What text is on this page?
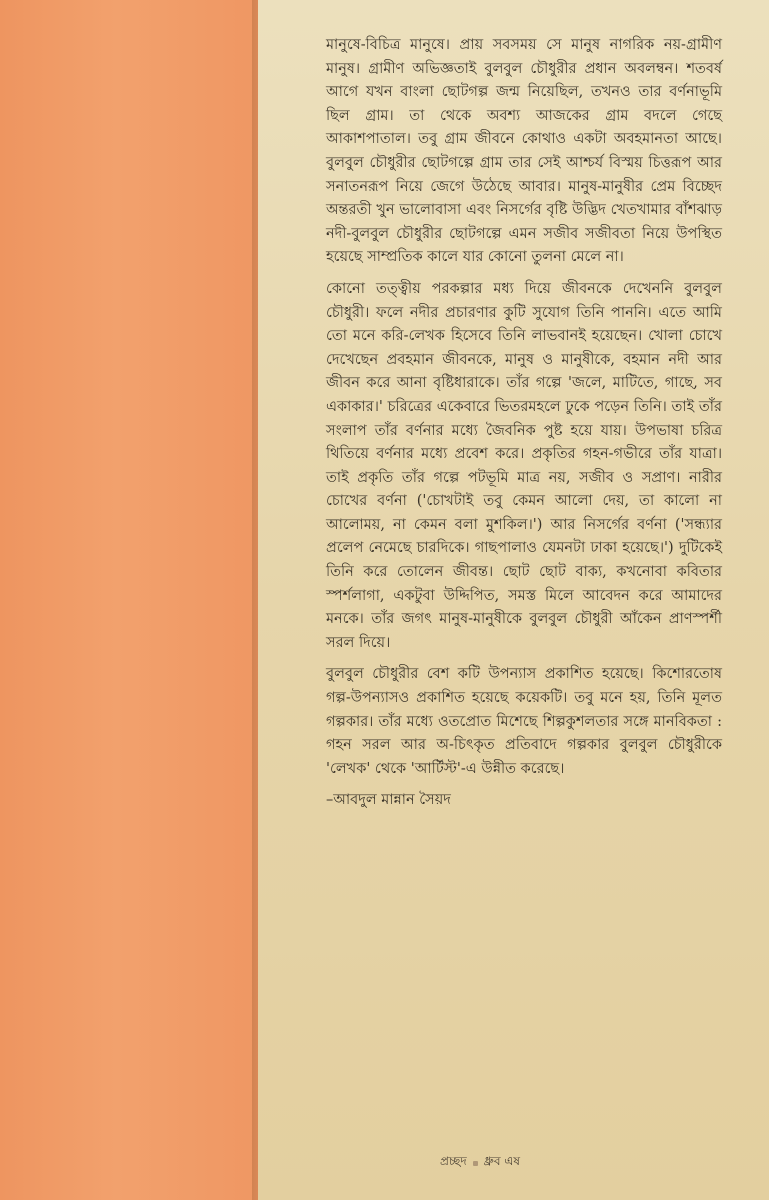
মানুষে-বিচিত্র মানুষে। প্রায় সবসময় সে মানুষ নাগরিক নয়-গ্রামীণ মানুষ। গ্রামীণ অভিজ্ঞতাই বুলবুল চৌধুরীর প্রধান অবলম্বন। শতবর্ষ আগে যখন বাংলা ছোটগল্প জন্ম নিয়েছিল, তখনও তার বর্ণনাভূমি ছিল গ্রাম। তা থেকে অবশ্য আজকের গ্রাম বদলে গেছে আকাশপাতাল। তবু গ্রাম জীবনে কোথাও একটা অবহমানতা আছে। বুলবুল চৌধুরীর ছোটগল্পে গ্রাম তার সেই আশ্চর্য বিস্ময় চিত্তরূপ আর সনাতনরূপ নিয়ে জেগে উঠেছে আবার। মানুষ-মানুষীর প্রেম বিচ্ছেদ অন্তরতী খুন ভালোবাসা এবং নিসর্গের বৃষ্টি উদ্ভিদ খেতখামার বাঁশঝাড় নদী-বুলবুল চৌধুরীর ছোটগল্পে এমন সজীব সজীবতা নিয়ে উপস্থিত হয়েছে সাম্প্রতিক কালে যার কোনো তুলনা মেলে না।

কোনো তত্ত্বীয় পরকল্পার মধ্য দিয়ে জীবনকে দেখেননি বুলবুল চৌধুরী। ফলে নদীর প্রচারণার কুটি সুযোগ তিনি পাননি। এতে আমি তো মনে করি-লেখক হিসেবে তিনি লাভবানই হয়েছেন। খোলা চোখে দেখেছেন প্রবহমান জীবনকে, মানুষ ও মানুষীকে, বহমান নদী আর জীবন করে আনা বৃষ্টিধারাকে। তাঁর গল্পে 'জলে, মাটিতে, গাছে, সব একাকার।' চরিত্রের একেবারে ভিতরমহলে ঢুকে পড়েন তিনি। তাই তাঁর সংলাপ তাঁর বর্ণনার মধ্যে জৈবনিক পুষ্ট হয়ে যায়। উপভাষা চরিত্র থিতিয়ে বর্ণনার মধ্যে প্রবেশ করে। প্রকৃতির গহন-গভীরে তাঁর যাত্রা। তাই প্রকৃতি তাঁর গল্পে পটভূমি মাত্র নয়, সজীব ও সপ্রাণ। নারীর চোখের বর্ণনা ('চোখটাই তবু কেমন আলো দেয়, তা কালো না আলোময়, না কেমন বলা মুশকিল।') আর নিসর্গের বর্ণনা ('সন্ধ্যার প্রলেপ নেমেছে চারদিকে। গাছপালাও যেমনটা ঢাকা হয়েছে।') দুটিকেই তিনি করে তোলেন জীবন্ত। ছোট ছোট বাক্য, কখনোবা কবিতার স্পর্শলাগা, একটুবা উদ্দিপিত, সমস্ত মিলে আবেদন করে আমাদের মনকে। তাঁর জগৎ মানুষ-মানুষীকে বুলবুল চৌধুরী আঁকেন প্রাণস্পর্শী সরল দিয়ে।

বুলবুল চৌধুরীর বেশ কটি উপন্যাস প্রকাশিত হয়েছে। কিশোরতোষ গল্প-উপন্যাসও প্রকাশিত হয়েছে কয়েকটি। তবু মনে হয়, তিনি মূলত গল্পকার। তাঁর মধ্যে ওতপ্রোত মিশেছে শিল্পকুশলতার সঙ্গে মানবিকতা : গহন সরল আর অ-চিৎকৃত প্রতিবাদে গল্পকার বুলবুল চৌধুরীকে 'লেখক' থেকে 'আর্টিস্ট'-এ উন্নীত করেছে।

–আবদুল মান্নান সৈয়দ

প্রচ্ছদ ধ্রুব এষ
